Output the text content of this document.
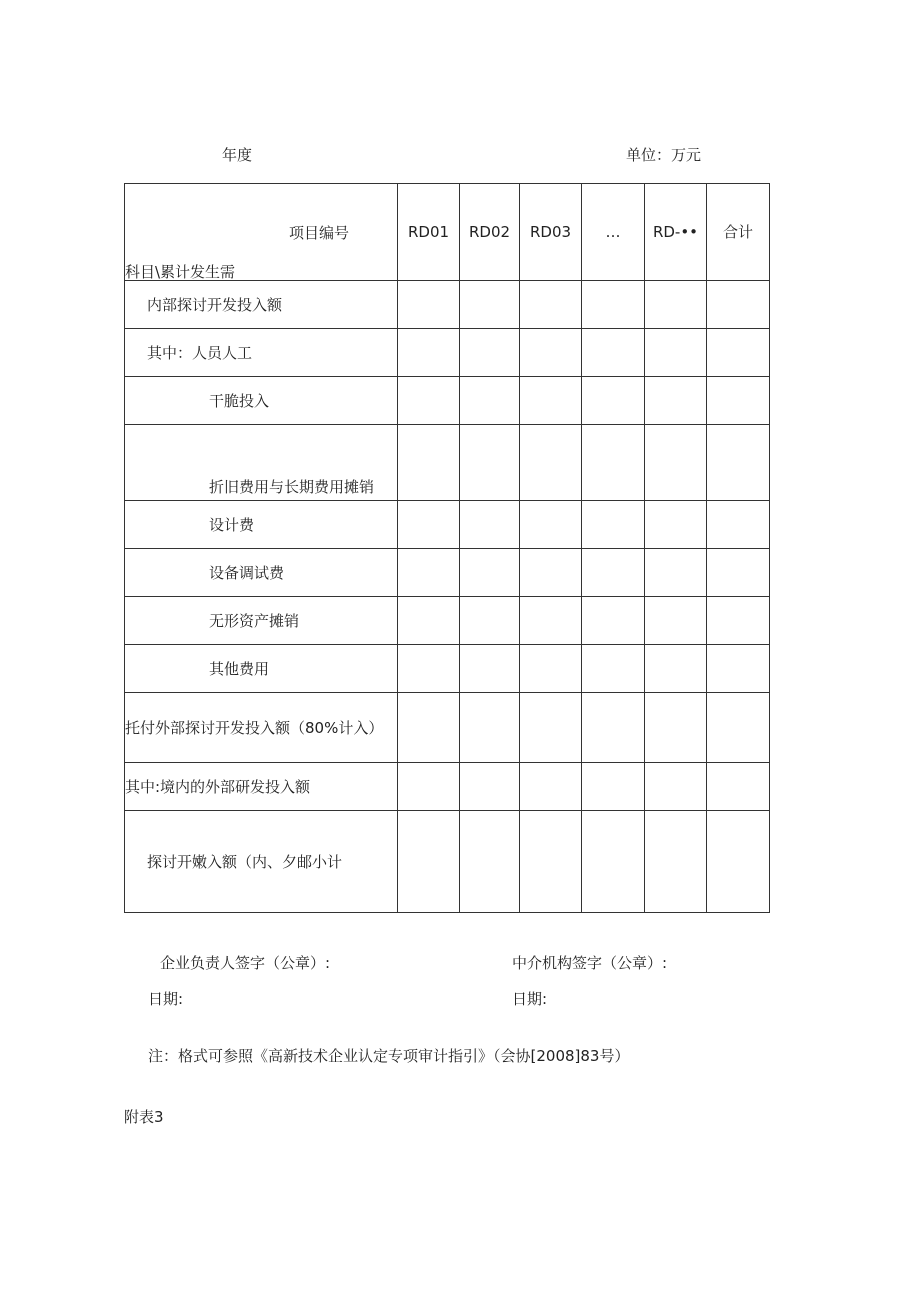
年度	单位：万元
项目编号
科目\累计发生需	RD01	RD02	RD03	…	RD-••	合计
内部探讨开发投入额						
其中：人员人工						
干脆投入						
折旧费用与长期费用摊销						
设计费						
设备调试费						
无形资产摊销						
其他费用						
托付外部探讨开发投入额（80%计入）						
其中:境内的外部研发投入额						
探讨开嫩入额（内、夕邮小计						
企业负责人签字（公章）:	中介机构签字（公章）:
日期:	日期:
注：格式可参照《高新技术企业认定专项审计指引》（会协[2008]83号）
附表3
